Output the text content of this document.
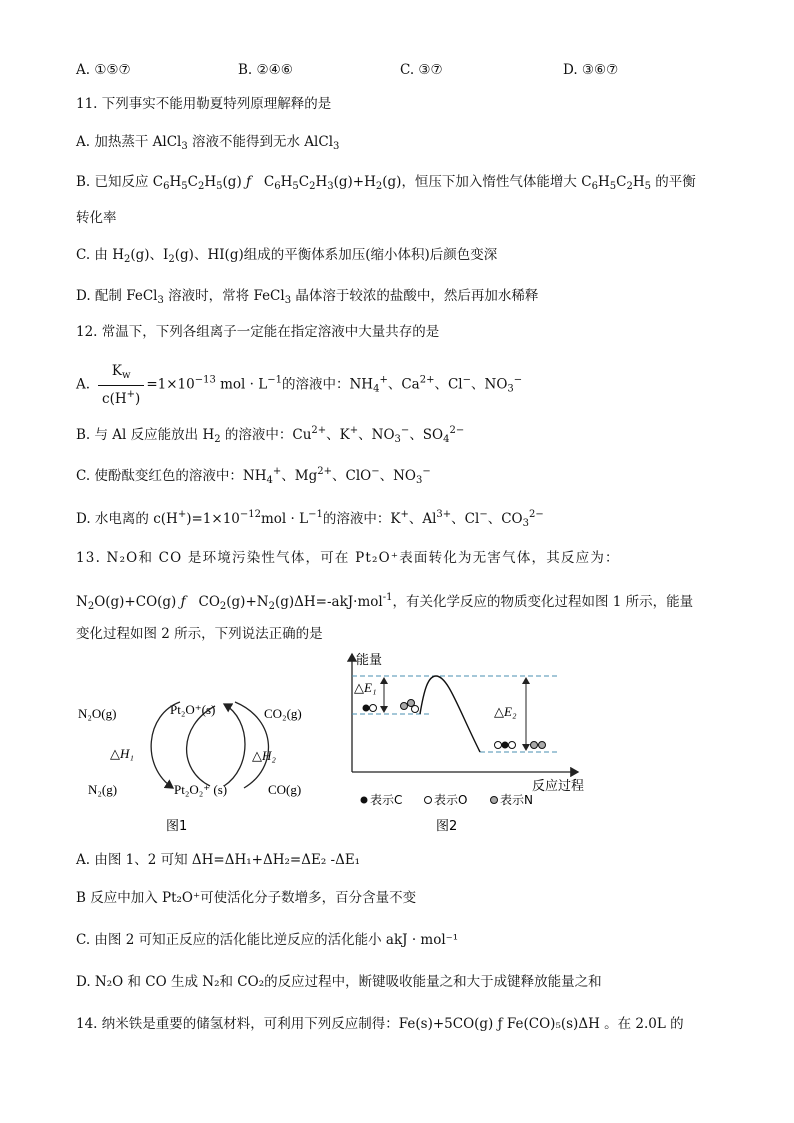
A. ①⑤⑦	B. ②④⑥	C. ③⑦	D. ③⑥⑦
11. 下列事实不能用勒夏特列原理解释的是
A. 加热蒸干 AlCl$_3$ 溶液不能得到无水 AlCl$_3$
B. 已知反应 $C_6H_5C_2H_5(g)$ ƒ   $C_6H_5C_2H_3(g)+H_2(g)$，恒压下加入惰性气体能增大 $C_6H_5C_2H_5$ 的平衡
转化率
C. 由 $H_2(g)$、$I_2(g)$、HI(g)组成的平衡体系加压(缩小体积)后颜色变深
D. 配制 FeCl$_3$ 溶液时，常将 FeCl$_3$ 晶体溶于较浓的盐酸中，然后再加水稀释
12. 常温下，下列各组离子一定能在指定溶液中大量共存的是
A. $\frac{K_w}{c(H^+)} =1\times 10^{-13}$ mol · $L^{-1}$的溶液中：$NH_4^+$、$Ca^{2+}$、Cl−、$NO_3^-$
B. 与 Al 反应能放出 $H_2$ 的溶液中：$Cu^{2+}$、K+、$NO_3^-$、$SO_4^{2-}$
C. 使酚酞变红色的溶液中：$NH_4^+$、$Mg^{2+}$、ClO−、$NO_3^-$
D. 水电离的 $c(H^+)=1\times 10^{-12}mol \cdot L^{-1}$的溶液中：K+、$Al^{3+}$、Cl−、$CO_3^{2-}$
13. N₂O和 CO 是环境污染性气体，可在 Pt₂O⁺表面转化为无害气体，其反应为：
$N_2O(g)+CO(g)$ ƒ   $CO_2(g)+N_2(g)\Delta H=-akJ\cdot mol^{-1}$，有关化学反应的物质变化过程如图 1 所示，能量
变化过程如图 2 所示，下列说法正确的是
N₂O(g)	Pt₂O⁺(s)	CO₂(g)
△H₁	△H₂
N₂(g)	Pt₂O₂⁺ (s)	CO(g)
图1
能量
反应过程
△E₁
△E₂
表示C	表示O	表示N
图2
A. 由图 1、2 可知 ΔH=ΔH₁+ΔH₂=ΔE₂ -ΔE₁
B 反应中加入 Pt₂O⁺可使活化分子数增多，百分含量不变
C. 由图 2 可知正反应的活化能比逆反应的活化能小 akJ · mol⁻¹
D. N₂O 和 CO 生成 N₂和 CO₂的反应过程中，断键吸收能量之和大于成键释放能量之和
14. 纳米铁是重要的储氢材料，可利用下列反应制得：Fe(s)+5CO(g) ƒ Fe(CO)₅(s)ΔH 。在 2.0L 的
